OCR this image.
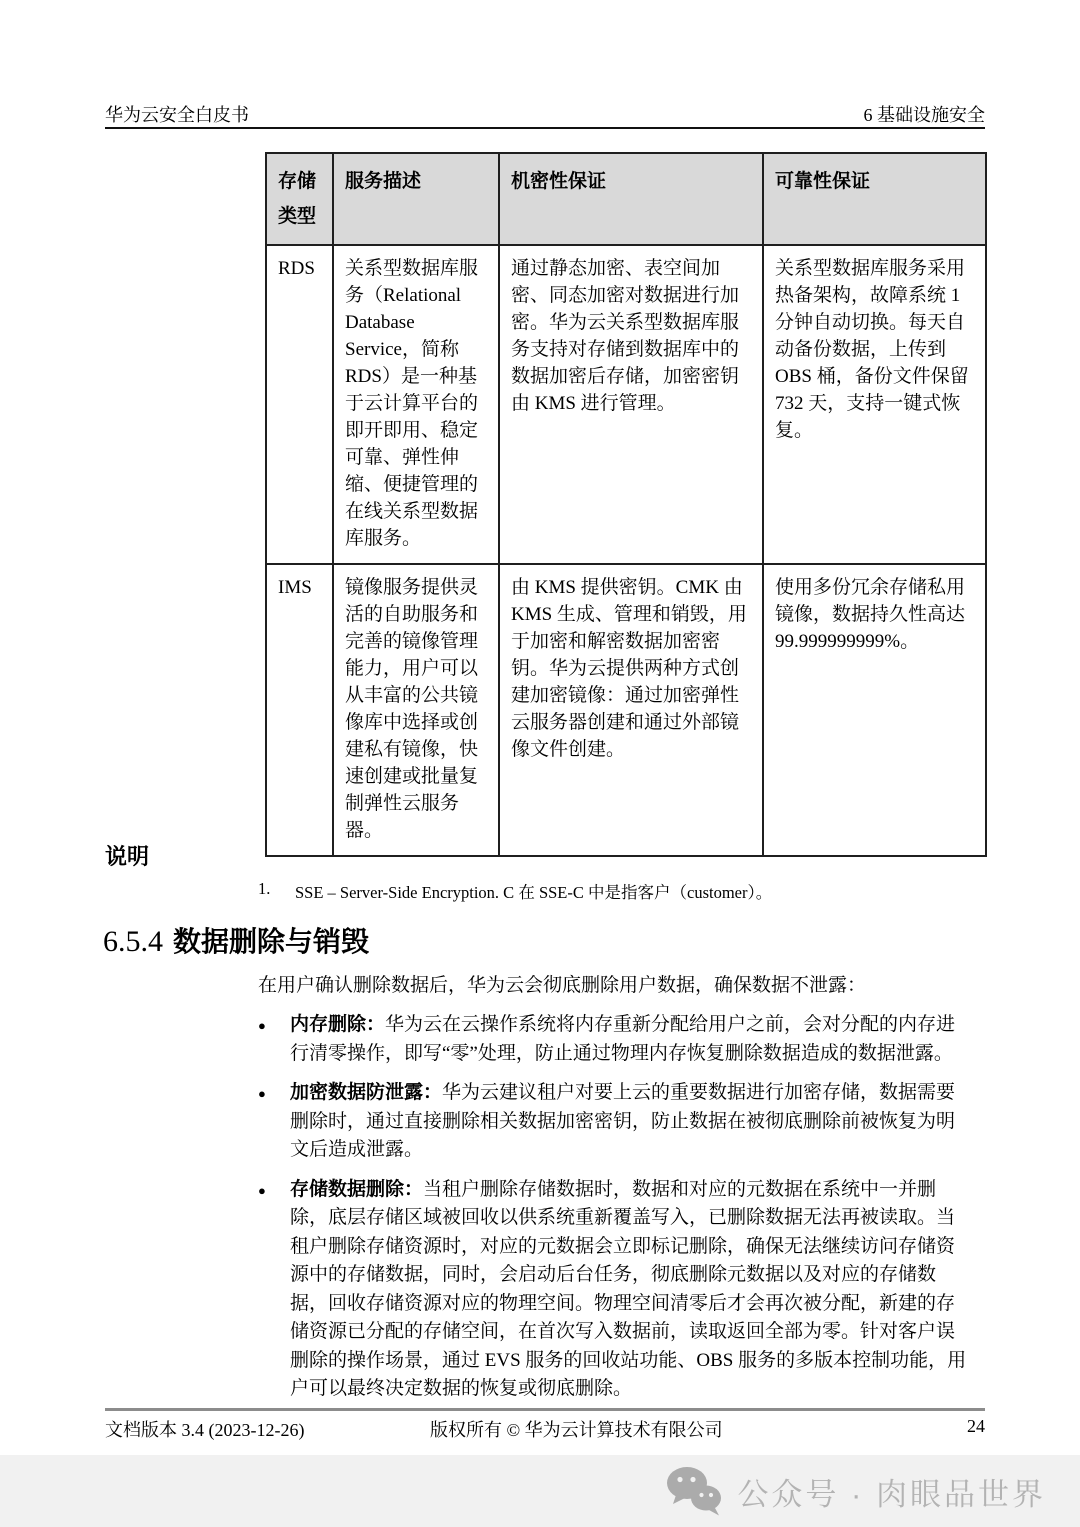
华为云安全白皮书	6 基础设施安全
存储类型	服务描述	机密性保证	可靠性保证
RDS	关系型数据库服务（Relational Database Service，简称 RDS）是一种基于云计算平台的即开即用、稳定可靠、弹性伸缩、便捷管理的在线关系型数据库服务。	通过静态加密、表空间加密、同态加密对数据进行加密。华为云关系型数据库服务支持对存储到数据库中的数据加密后存储，加密密钥由 KMS 进行管理。	关系型数据库服务采用热备架构，故障系统 1 分钟自动切换。每天自动备份数据，上传到 OBS 桶，备份文件保留 732 天，支持一键式恢复。
IMS	镜像服务提供灵活的自助服务和完善的镜像管理能力，用户可以从丰富的公共镜像库中选择或创建私有镜像，快速创建或批量复制弹性云服务器。	由 KMS 提供密钥。CMK 由 KMS 生成、管理和销毁，用于加密和解密数据加密密钥。华为云提供两种方式创建加密镜像：通过加密弹性云服务器创建和通过外部镜像文件创建。	使用多份冗余存储私用镜像，数据持久性高达 99.999999999%。
说明
1.	SSE – Server-Side Encryption. C 在 SSE-C 中是指客户（customer）。
6.5.4 数据删除与销毁
在用户确认删除数据后，华为云会彻底删除用户数据，确保数据不泄露：
●	内存删除：华为云在云操作系统将内存重新分配给用户之前，会对分配的内存进行清零操作，即写“零”处理，防止通过物理内存恢复删除数据造成的数据泄露。
●	加密数据防泄露：华为云建议租户对要上云的重要数据进行加密存储，数据需要删除时，通过直接删除相关数据加密密钥，防止数据在被彻底删除前被恢复为明文后造成泄露。
●	存储数据删除：当租户删除存储数据时，数据和对应的元数据在系统中一并删除，底层存储区域被回收以供系统重新覆盖写入，已删除数据无法再被读取。当租户删除存储资源时，对应的元数据会立即标记删除，确保无法继续访问存储资源中的存储数据，同时，会启动后台任务，彻底删除元数据以及对应的存储数据，回收存储资源对应的物理空间。物理空间清零后才会再次被分配，新建的存储资源已分配的存储空间，在首次写入数据前，读取返回全部为零。针对客户误删除的操作场景，通过 EVS 服务的回收站功能、OBS 服务的多版本控制功能，用户可以最终决定数据的恢复或彻底删除。
文档版本 3.4 (2023-12-26)	版权所有 © 华为云计算技术有限公司	24
公众号 · 肉眼品世界
